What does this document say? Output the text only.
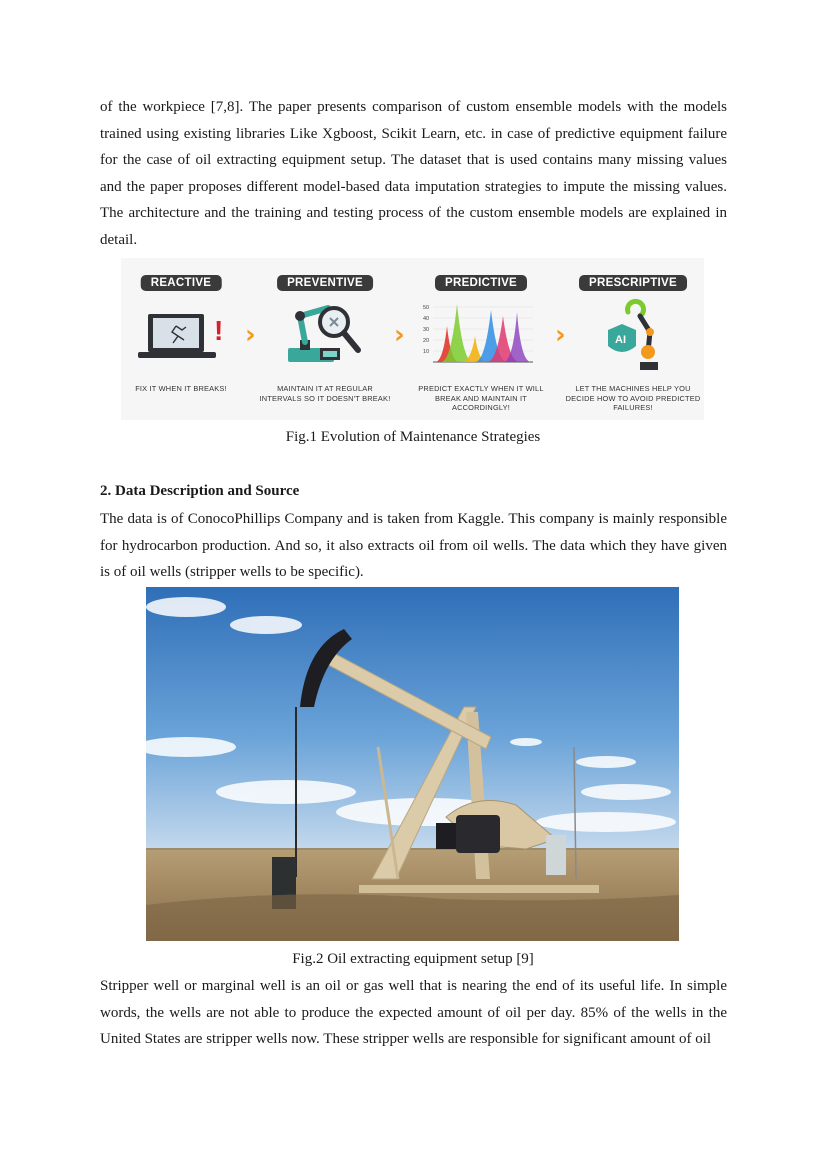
of the workpiece [7,8]. The paper presents comparison of custom ensemble models with the models trained using existing libraries Like Xgboost, Scikit Learn, etc. in case of predictive equipment failure for the case of oil extracting equipment setup. The dataset that is used contains many missing values and the paper proposes different model-based data imputation strategies to impute the missing values. The architecture and the training and testing process of the custom ensemble models are explained in detail.

REACTIVE
!
FIX IT WHEN IT BREAKS!
›
PREVENTIVE
MAINTAIN IT AT REGULAR INTERVALS SO IT DOESN'T BREAK!
›
PREDICTIVE
50
40
30
20
10
PREDICT EXACTLY WHEN IT WILL BREAK AND MAINTAIN IT ACCORDINGLY!
›
PRESCRIPTIVE
AI
LET THE MACHINES HELP YOU DECIDE HOW TO AVOID PREDICTED FAILURES!

Fig.1 Evolution of Maintenance Strategies

2. Data Description and Source

The data is of ConocoPhillips Company and is taken from Kaggle. This company is mainly responsible for hydrocarbon production. And so, it also extracts oil from oil wells. The data which they have given is of oil wells (stripper wells to be specific).

Fig.2 Oil extracting equipment setup [9]

Stripper well or marginal well is an oil or gas well that is nearing the end of its useful life. In simple words, the wells are not able to produce the expected amount of oil per day. 85% of the wells in the United States are stripper wells now. These stripper wells are responsible for significant amount of oil
